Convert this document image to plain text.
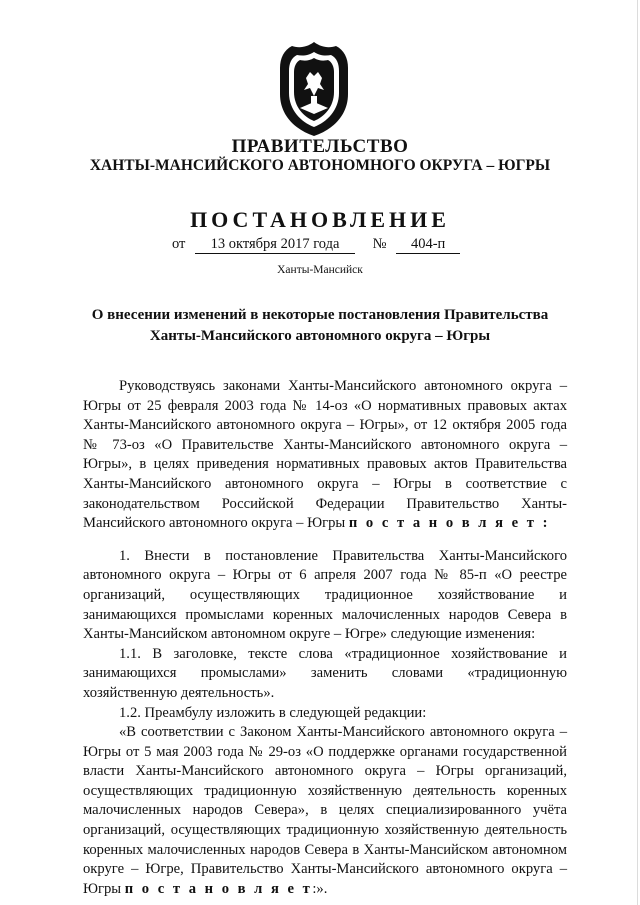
ПРАВИТЕЛЬСТВО
ХАНТЫ-МАНСИЙСКОГО АВТОНОМНОГО ОКРУГА – ЮГРЫ
ПОСТАНОВЛЕНИЕ
от 13 октября 2017 года № 404-п
Ханты-Мансийск
О внесении изменений в некоторые постановления Правительства
Ханты-Мансийского автономного округа – Югры

Руководствуясь законами Ханты-Мансийского автономного округа – Югры от 25 февраля 2003 года № 14-оз «О нормативных правовых актах Ханты-Мансийского автономного округа – Югры», от 12 октября 2005 года № 73-оз «О Правительстве Ханты-Мансийского автономного округа – Югры», в целях приведения нормативных правовых актов Правительства Ханты-Мансийского автономного округа – Югры в соответствие с законодательством Российской Федерации Правительство Ханты-Мансийского автономного округа – Югры п о с т а н о в л я е т :

1. Внести в постановление Правительства Ханты-Мансийского автономного округа – Югры от 6 апреля 2007 года № 85-п «О реестре организаций, осуществляющих традиционное хозяйствование и занимающихся промыслами коренных малочисленных народов Севера в Ханты-Мансийском автономном округе – Югре» следующие изменения:

1.1. В заголовке, тексте слова «традиционное хозяйствование и занимающихся промыслами» заменить словами «традиционную хозяйственную деятельность».

1.2. Преамбулу изложить в следующей редакции:

«В соответствии с Законом Ханты-Мансийского автономного округа – Югры от 5 мая 2003 года № 29-оз «О поддержке органами государственной власти Ханты-Мансийского автономного округа – Югры организаций, осуществляющих традиционную хозяйственную деятельность коренных малочисленных народов Севера», в целях специализированного учёта организаций, осуществляющих традиционную хозяйственную деятельность коренных малочисленных народов Севера в Ханты-Мансийском автономном округе – Югре, Правительство Ханты-Мансийского автономного округа – Югры п о с т а н о в л я е т:».
